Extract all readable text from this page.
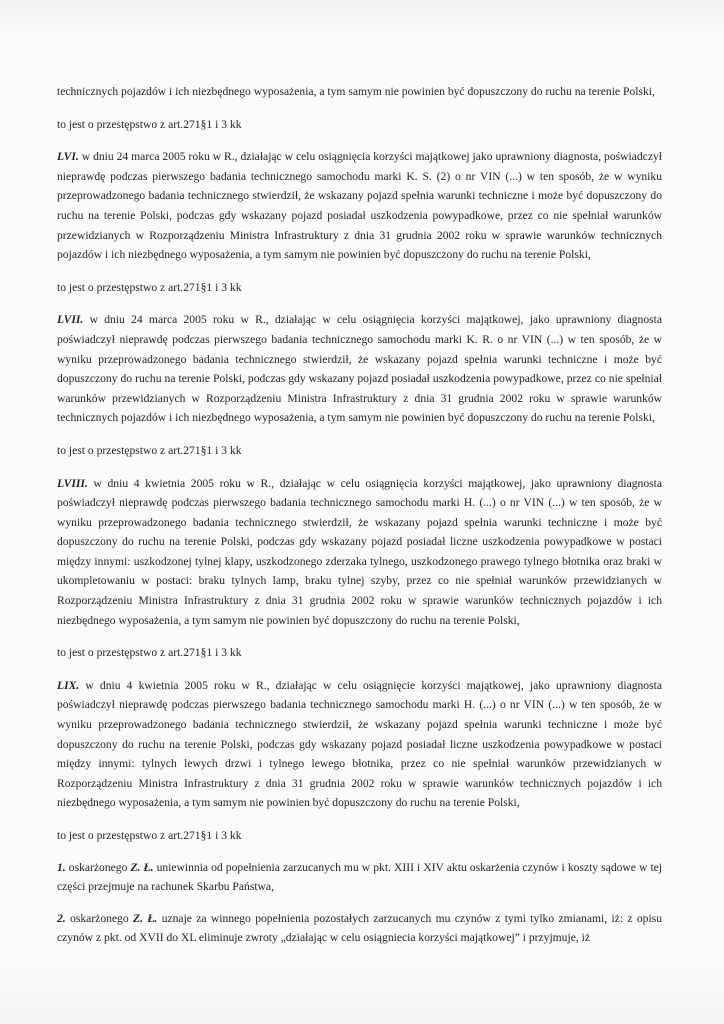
technicznych pojazdów i ich niezbędnego wyposażenia, a tym samym nie powinien być dopuszczony do ruchu na terenie Polski,

to jest o przestępstwo z art.271§1 i 3 kk

LVI. w dniu 24 marca 2005 roku w R., działając w celu osiągnięcia korzyści majątkowej jako uprawniony diagnosta, poświadczył nieprawdę podczas pierwszego badania technicznego samochodu marki K. S. (2) o nr VIN (...) w ten sposób, że w wyniku przeprowadzonego badania technicznego stwierdził, że wskazany pojazd spełnia warunki techniczne i może być dopuszczony do ruchu na terenie Polski, podczas gdy wskazany pojazd posiadał uszkodzenia powypadkowe, przez co nie spełniał warunków przewidzianych w Rozporządzeniu Ministra Infrastruktury z dnia 31 grudnia 2002 roku w sprawie warunków technicznych pojazdów i ich niezbędnego wyposażenia, a tym samym nie powinien być dopuszczony do ruchu na terenie Polski,

to jest o przestępstwo z art.271§1 i 3 kk

LVII. w dniu 24 marca 2005 roku w R., działając w celu osiągnięcia korzyści majątkowej, jako uprawniony diagnosta poświadczył nieprawdę podczas pierwszego badania technicznego samochodu marki K. R. o nr VIN (...) w ten sposób, że w wyniku przeprowadzonego badania technicznego stwierdził, że wskazany pojazd spełnia warunki techniczne i może być dopuszczony do ruchu na terenie Polski, podczas gdy wskazany pojazd posiadał uszkodzenia powypadkowe, przez co nie spełniał warunków przewidzianych w Rozporządzeniu Ministra Infrastruktury z dnia 31 grudnia 2002 roku w sprawie warunków technicznych pojazdów i ich niezbędnego wyposażenia, a tym samym nie powinien być dopuszczony do ruchu na terenie Polski,

to jest o przestępstwo z art.271§1 i 3 kk

LVIII. w dniu 4 kwietnia 2005 roku w R., działając w celu osiągnięcia korzyści majątkowej, jako uprawniony diagnosta poświadczył nieprawdę podczas pierwszego badania technicznego samochodu marki H. (...) o nr VIN (...) w ten sposób, że w wyniku przeprowadzonego badania technicznego stwierdził, że wskazany pojazd spełnia warunki techniczne i może być dopuszczony do ruchu na terenie Polski, podczas gdy wskazany pojazd posiadał liczne uszkodzenia powypadkowe w postaci między innymi: uszkodzonej tylnej klapy, uszkodzonego zderzaka tylnego, uszkodzonego prawego tylnego błotnika oraz braki w ukompletowaniu w postaci: braku tylnych lamp, braku tylnej szyby, przez co nie spełniał warunków przewidzianych w Rozporządzeniu Ministra Infrastruktury z dnia 31 grudnia 2002 roku w sprawie warunków technicznych pojazdów i ich niezbędnego wyposażenia, a tym samym nie powinien być dopuszczony do ruchu na terenie Polski,

to jest o przestępstwo z art.271§1 i 3 kk

LIX. w dniu 4 kwietnia 2005 roku w R., działając w celu osiągnięcie korzyści majątkowej, jako uprawniony diagnosta poświadczył nieprawdę podczas pierwszego badania technicznego samochodu marki H. (...) o nr VIN (...) w ten sposób, że w wyniku przeprowadzonego badania technicznego stwierdził, że wskazany pojazd spełnia warunki techniczne i może być dopuszczony do ruchu na terenie Polski, podczas gdy wskazany pojazd posiadał liczne uszkodzenia powypadkowe w postaci między innymi: tylnych lewych drzwi i tylnego lewego błotnika, przez co nie spełniał warunków przewidzianych w Rozporządzeniu Ministra Infrastruktury z dnia 31 grudnia 2002 roku w sprawie warunków technicznych pojazdów i ich niezbędnego wyposażenia, a tym samym nie powinien być dopuszczony do ruchu na terenie Polski,

to jest o przestępstwo z art.271§1 i 3 kk

1. oskarżonego Z. Ł. uniewinnia od popełnienia zarzucanych mu w pkt. XIII i XIV aktu oskarżenia czynów i koszty sądowe w tej części przejmuje na rachunek Skarbu Państwa,

2. oskarżonego Z. Ł. uznaje za winnego popełnienia pozostałych zarzucanych mu czynów z tymi tylko zmianami, iż: z opisu czynów z pkt. od XVII do XL eliminuje zwroty „działając w celu osiągniecia korzyści majątkowej” i przyjmuje, iż
